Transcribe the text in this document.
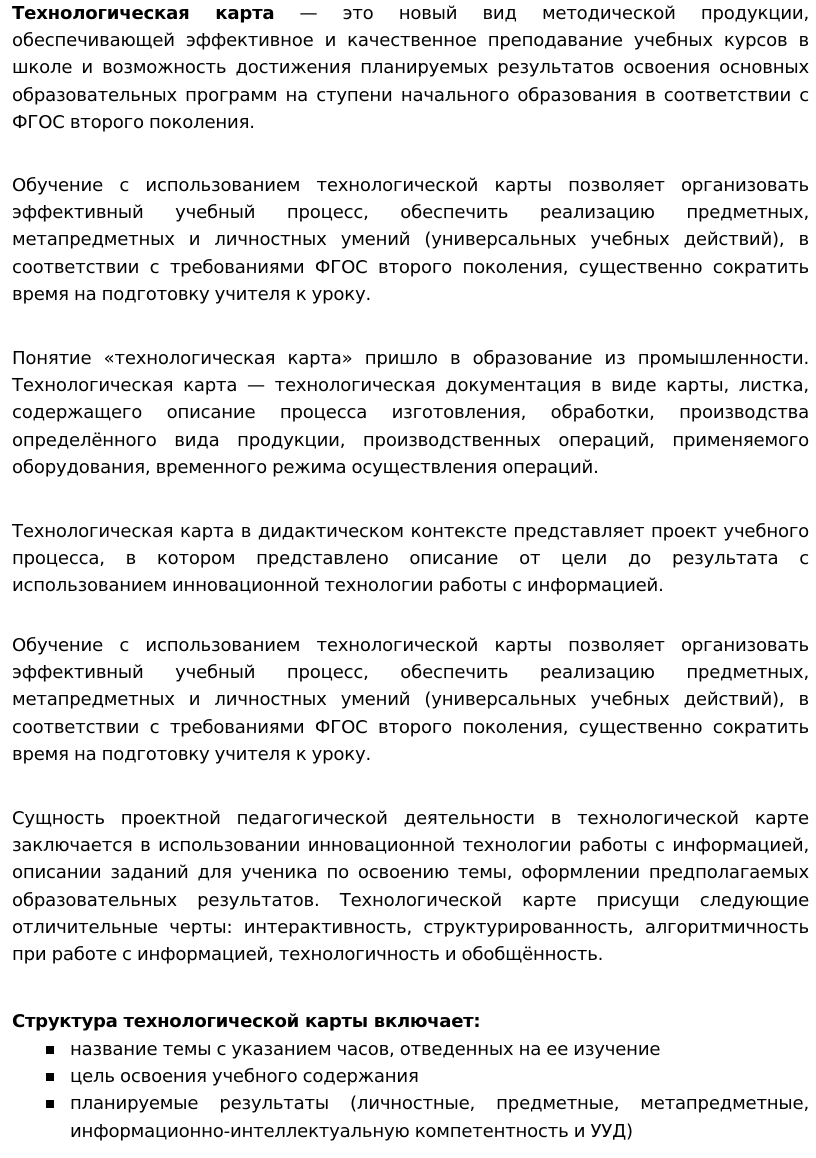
Технологическая карта — это новый вид методической продукции, обеспечивающей эффективное и качественное преподавание учебных курсов в школе и возможность достижения планируемых результатов освоения основных образовательных программ на ступени начального образования в соответствии с ФГОС второго поколения.

Обучение с использованием технологической карты позволяет организовать эффективный учебный процесс, обеспечить реализацию предметных, метапредметных и личностных умений (универсальных учебных действий), в соответствии с требованиями ФГОС второго поколения, существенно сократить время на подготовку учителя к уроку.

Понятие «технологическая карта» пришло в образование из промышленности. Технологическая карта — технологическая документация в виде карты, листка, содержащего описание процесса изготовления, обработки, производства определённого вида продукции, производственных операций, применяемого оборудования, временного режима осуществления операций.

Технологическая карта в дидактическом контексте представляет проект учебного процесса, в котором представлено описание от цели до результата с использованием инновационной технологии работы с информацией.

Обучение с использованием технологической карты позволяет организовать эффективный учебный процесс, обеспечить реализацию предметных, метапредметных и личностных умений (универсальных учебных действий), в соответствии с требованиями ФГОС второго поколения, существенно сократить время на подготовку учителя к уроку.

Сущность проектной педагогической деятельности в технологической карте заключается в использовании инновационной технологии работы с информацией, описании заданий для ученика по освоению темы, оформлении предполагаемых образовательных результатов. Технологической карте присущи следующие отличительные черты: интерактивность, структурированность, алгоритмичность при работе с информацией, технологичность и обобщённость.

Структура технологической карты включает:

название темы с указанием часов, отведенных на ее изучение
цель освоения учебного содержания
планируемые результаты (личностные, предметные, метапредметные, информационно-интеллектуальную компетентность и УУД)
